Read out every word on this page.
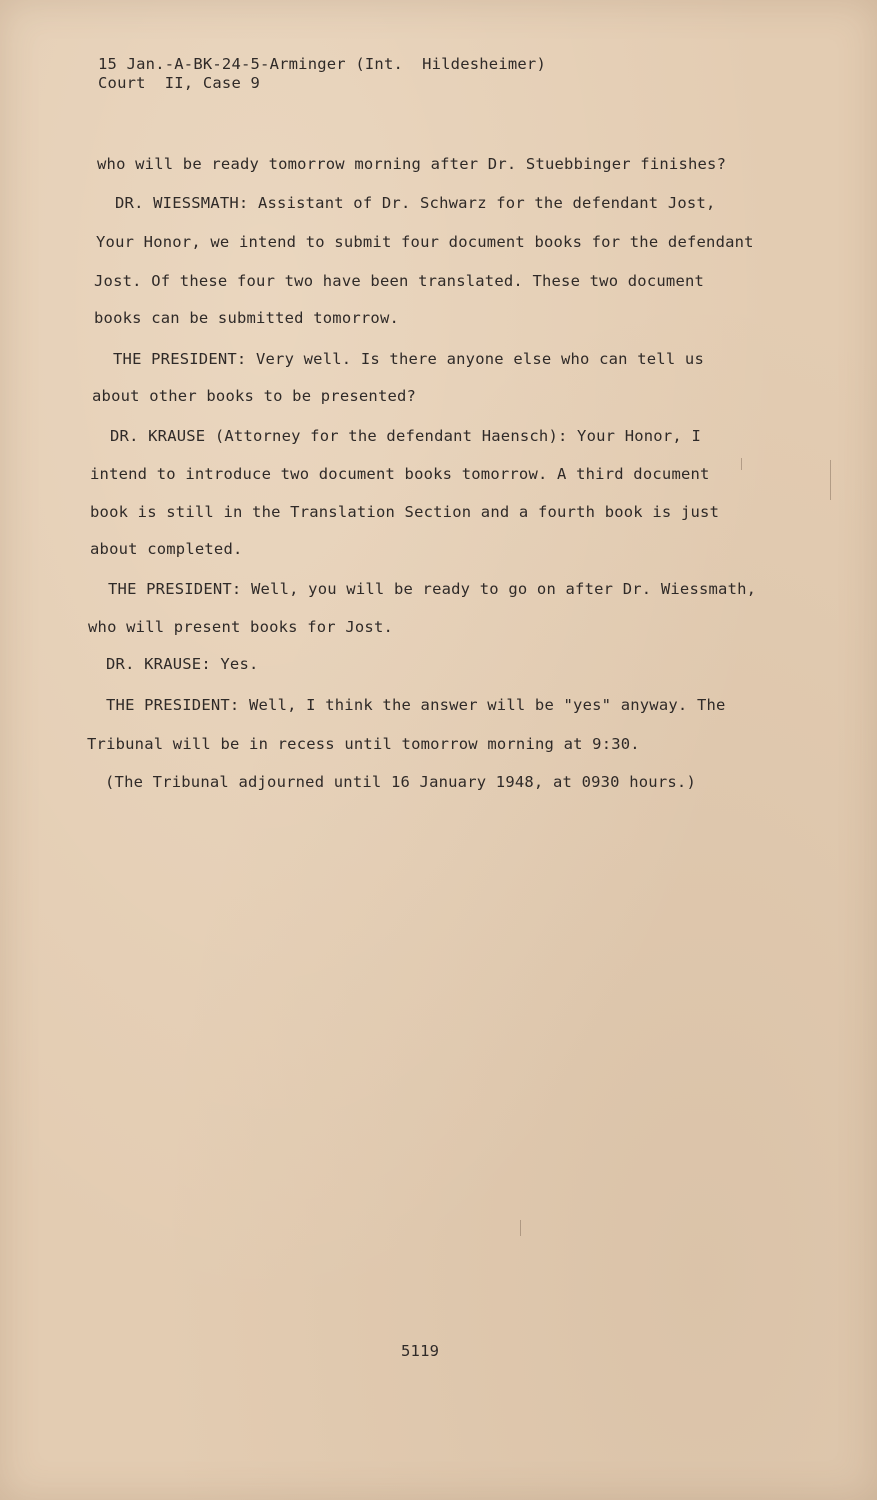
15 Jan.-A-BK-24-5-Arminger (Int.  Hildesheimer)
Court  II, Case 9
who will be ready tomorrow morning after Dr. Stuebbinger finishes?
DR. WIESSMATH: Assistant of Dr. Schwarz for the defendant Jost,
Your Honor, we intend to submit four document books for the defendant
Jost. Of these four two have been translated. These two document
books can be submitted tomorrow.
THE PRESIDENT: Very well. Is there anyone else who can tell us
about other books to be presented?
DR. KRAUSE (Attorney for the defendant Haensch): Your Honor, I
intend to introduce two document books tomorrow. A third document
book is still in the Translation Section and a fourth book is just
about completed.
THE PRESIDENT: Well, you will be ready to go on after Dr. Wiessmath,
who will present books for Jost.
DR. KRAUSE: Yes.
THE PRESIDENT: Well, I think the answer will be "yes" anyway. The
Tribunal will be in recess until tomorrow morning at 9:30.
(The Tribunal adjourned until 16 January 1948, at 0930 hours.)
5119
